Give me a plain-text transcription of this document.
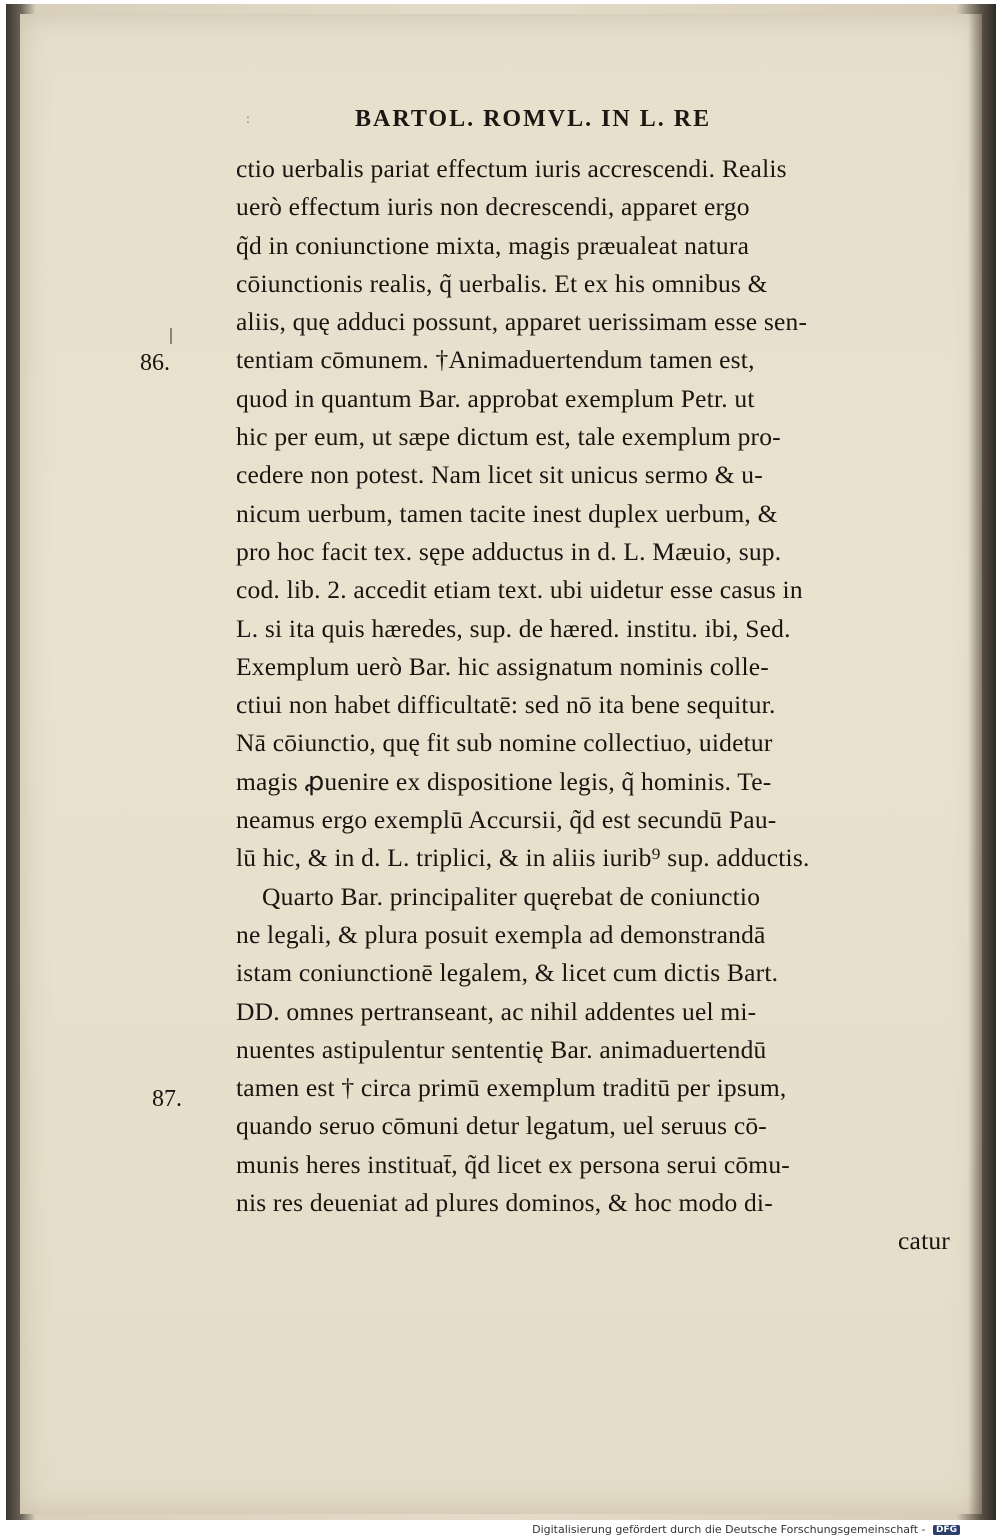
:	BARTOL. ROMVL. IN L. RE
86.
87.
ctio uerbalis pariat effectum iuris accrescendi. Realis
uerò effectum iuris non decrescendi, apparet ergo
q̃d in coniunctione mixta, magis præualeat natura
cōiunctionis realis, q̃ uerbalis. Et ex his omnibus &
aliis, quę adduci possunt, apparet uerissimam esse sen-
tentiam cōmunem. †Animaduertendum tamen est,
quod in quantum Bar. approbat exemplum Petr. ut
hic per eum, ut sæpe dictum est, tale exemplum pro-
cedere non potest. Nam licet sit unicus sermo & u-
nicum uerbum, tamen tacite inest duplex uerbum, &
pro hoc facit tex. sępe adductus in d. L. Mæuio, sup.
cod. lib. 2. accedit etiam text. ubi uidetur esse casus in
L. si ita quis hæredes, sup. de hæred. institu. ibi, Sed.
Exemplum uerò Bar. hic assignatum nominis colle-
ctiui non habet difficultatē: sed nō ita bene sequitur.
Nā cōiunctio, quę fit sub nomine collectiuo, uidetur
magis ꝓuenire ex dispositione legis, q̃ hominis. Te-
neamus ergo exemplū Accursii, q̃d est secundū Pau-
lū hic, & in d. L. triplici, & in aliis iurib⁹ sup. adductis.
Quarto Bar. principaliter quęrebat de coniunctio
ne legali, & plura posuit exempla ad demonstrandā
istam coniunctionē legalem, & licet cum dictis Bart.
DD. omnes pertranseant, ac nihil addentes uel mi-
nuentes astipulentur sententię Bar. animaduertendū
tamen est † circa primū exemplum traditū per ipsum,
quando seruo cōmuni detur legatum, uel seruus cō-
munis heres instituat̄, q̃d licet ex persona serui cōmu-
nis res deueniat ad plures dominos, & hoc modo di-
catur
Digitalisierung gefördert durch die Deutsche Forschungsgemeinschaft - DFG
